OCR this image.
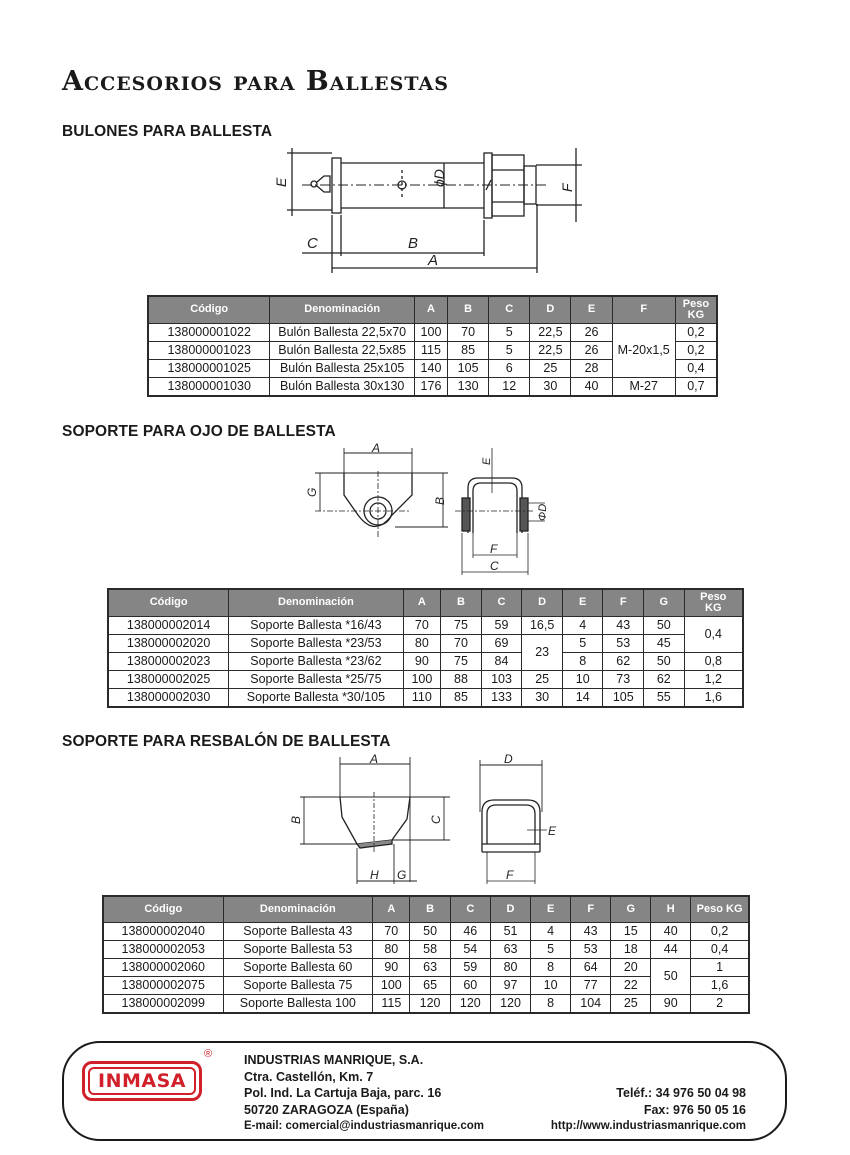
Accesorios para Ballestas
BULONES PARA BALLESTA
E	ϕD
F
C	B
A
Código	Denominación	A	B	C	D	E	F	Peso
KG
138000001022	Bulón Ballesta 22,5x70	100	70	5	22,5	26	M-20x1,5	0,2
138000001023	Bulón Ballesta 22,5x85	115	85	5	22,5	26		0,2
138000001025	Bulón Ballesta 25x105	140	105	6	25	28		0,4
138000001030	Bulón Ballesta 30x130	176	130	12	30	40	M-27	0,7
SOPORTE PARA OJO DE BALLESTA
A
G
B
E
ΦD
F
C
Código	Denominación	A	B	C	D	E	F	G	Peso
KG
138000002014	Soporte Ballesta *16/43	70	75	59	16,5	4	43	50	0,4
138000002020	Soporte Ballesta *23/53	80	70	69	23	5	53	45	
138000002023	Soporte Ballesta *23/62	90	75	84		8	62	50	0,8
138000002025	Soporte Ballesta *25/75	100	88	103	25	10	73	62	1,2
138000002030	Soporte Ballesta *30/105	110	85	133	30	14	105	55	1,6
SOPORTE PARA RESBALÓN DE BALLESTA
A
B	C
H G
D
E
F
Código	Denominación	A	B	C	D	E	F	G	H	Peso KG
138000002040	Soporte Ballesta 43	70	50	46	51	4	43	15	40	0,2
138000002053	Soporte Ballesta 53	80	58	54	63	5	53	18	44	0,4
138000002060	Soporte Ballesta 60	90	63	59	80	8	64	20	50	1
138000002075	Soporte Ballesta 75	100	65	60	97	10	77	22		1,6
138000002099	Soporte Ballesta 100	115	120	120	120	8	104	25	90	2
INMASA
®	INDUSTRIAS MANRIQUE, S.A.
Ctra. Castellón, Km. 7
Pol. Ind. La Cartuja Baja, parc. 16
50720 ZARAGOZA (España)
E-mail: comercial@industriasmanrique.com
Teléf.: 34 976 50 04 98
Fax: 976 50 05 16
http://www.industriasmanrique.com
